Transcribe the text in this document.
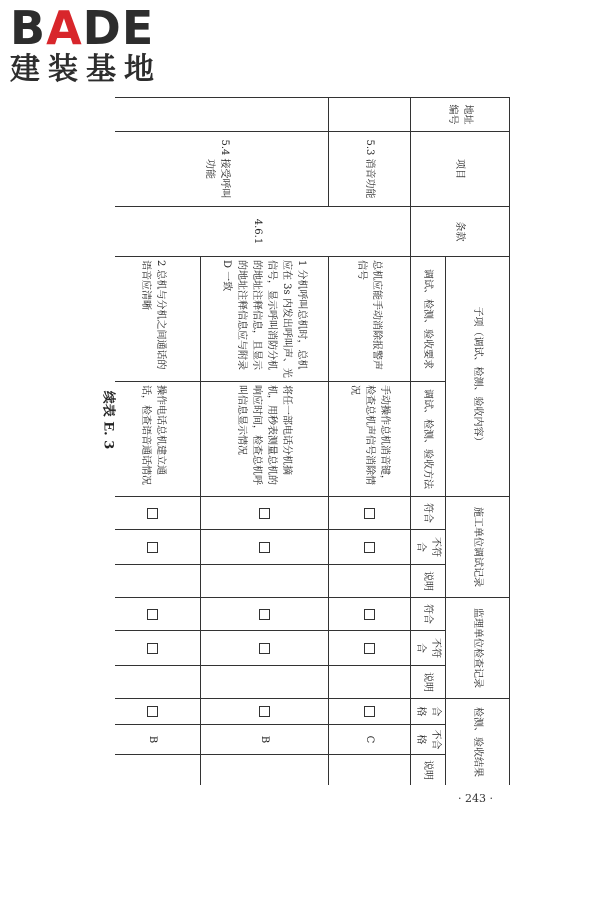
BADE
建装基地
续表 E. 3
地址编号	项目	条款	子项（调试、检测、验收内容）		施工单位调试记录			监理单位检查记录			检测、验收结果		
			调试、检测、验收要求	调试、检测、验收方法	符合	不符合	说明	符合	不符合	说明	合格	不合格	说明
	5.3 消音功能	4.6.1	总机应能手动消除报警声信号	手动操作总机消音键，检查总机声信号消除情况								C	
	5.4 接受呼叫功能		1 分机呼叫总机时，总机应在 3s 内发出呼叫声、光信号，显示呼叫消防分机的地址注释信息，且显示的地址注释信息应与附录 D 一致	将任一部电话分机摘机，用秒表测量总机的响应时间，检查总机呼叫信息显示情况								B	
			2 总机与分机之间通话的语音应清晰	操作电话总机建立通话，检查语音通话情况								B	
· 243 ·
